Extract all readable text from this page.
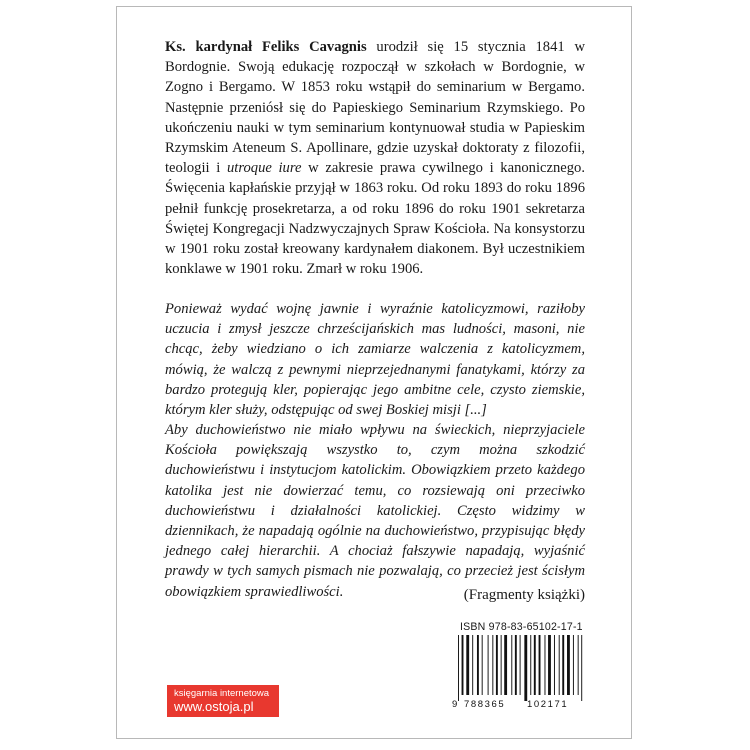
Ks. kardynał Feliks Cavagnis urodził się 15 stycznia 1841 w Bordognie. Swoją edukację rozpoczął w szkołach w Bordognie, w Zogno i Bergamo. W 1853 roku wstąpił do seminarium w Bergamo. Następnie przeniósł się do Papieskiego Seminarium Rzymskiego. Po ukończeniu nauki w tym seminarium kontynuował studia w Papieskim Rzymskim Ateneum S. Apollinare, gdzie uzyskał doktoraty z filozofii, teologii i utroque iure w zakresie prawa cywilnego i kanonicznego. Święcenia kapłańskie przyjął w 1863 roku. Od roku 1893 do roku 1896 pełnił funkcję prosekretarza, a od roku 1896 do roku 1901 sekretarza Świętej Kongregacji Nadzwyczajnych Spraw Kościoła. Na konsystorzu w 1901 roku został kreowany kardynałem diakonem. Był uczestnikiem konklawe w 1901 roku. Zmarł w roku 1906.

Ponieważ wydać wojnę jawnie i wyraźnie katolicyzmowi, raziłoby uczucia i zmysł jeszcze chrześcijańskich mas ludności, masoni, nie chcąc, żeby wiedziano o ich zamiarze walczenia z katolicyzmem, mówią, że walczą z pewnymi nieprzejednanymi fanatykami, którzy za bardzo protegują kler, popierając jego ambitne cele, czysto ziemskie, którym kler służy, odstępując od swej Boskiej misji [...]

Aby duchowieństwo nie miało wpływu na świeckich, nieprzyjaciele Kościoła powiększają wszystko to, czym można szkodzić duchowieństwu i instytucjom katolickim. Obowiązkiem przeto każdego katolika jest nie dowierzać temu, co rozsiewają oni przeciwko duchowieństwu i działalności katolickiej. Często widzimy w dziennikach, że napadają ogólnie na duchowieństwo, przypisując błędy jednego całej hierarchii. A chociaż fałszywie napadają, wyjaśnić prawdy w tych samych pismach nie pozwalają, co przecież jest ścisłym obowiązkiem sprawiedliwości.	(Fragmenty książki)

ISBN 978-83-65102-17-1
9 788365 102171
księgarnia internetowa
www.ostoja.pl
